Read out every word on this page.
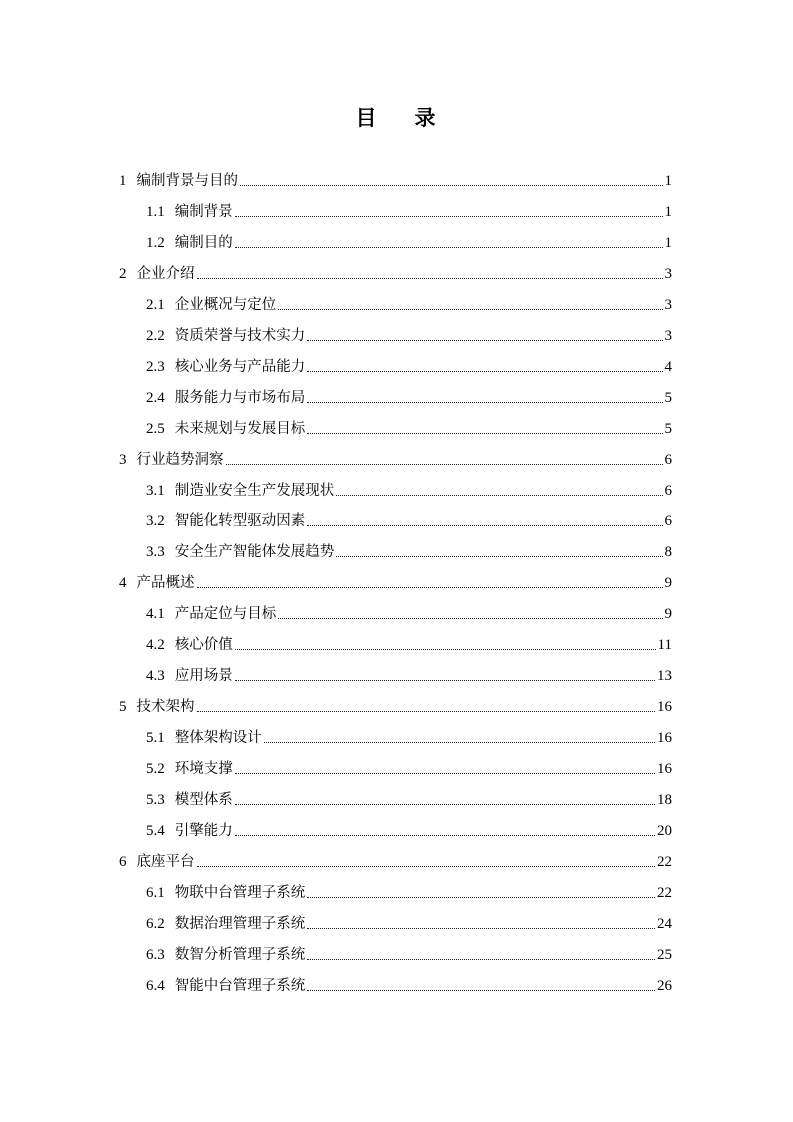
目 录
1 编制背景与目的	1
1.1 编制背景	1
1.2 编制目的	1
2 企业介绍	3
2.1 企业概况与定位	3
2.2 资质荣誉与技术实力	3
2.3 核心业务与产品能力	4
2.4 服务能力与市场布局	5
2.5 未来规划与发展目标	5
3 行业趋势洞察	6
3.1 制造业安全生产发展现状	6
3.2 智能化转型驱动因素	6
3.3 安全生产智能体发展趋势	8
4 产品概述	9
4.1 产品定位与目标	9
4.2 核心价值	11
4.3 应用场景	13
5 技术架构	16
5.1 整体架构设计	16
5.2 环境支撑	16
5.3 模型体系	18
5.4 引擎能力	20
6 底座平台	22
6.1 物联中台管理子系统	22
6.2 数据治理管理子系统	24
6.3 数智分析管理子系统	25
6.4 智能中台管理子系统	26
